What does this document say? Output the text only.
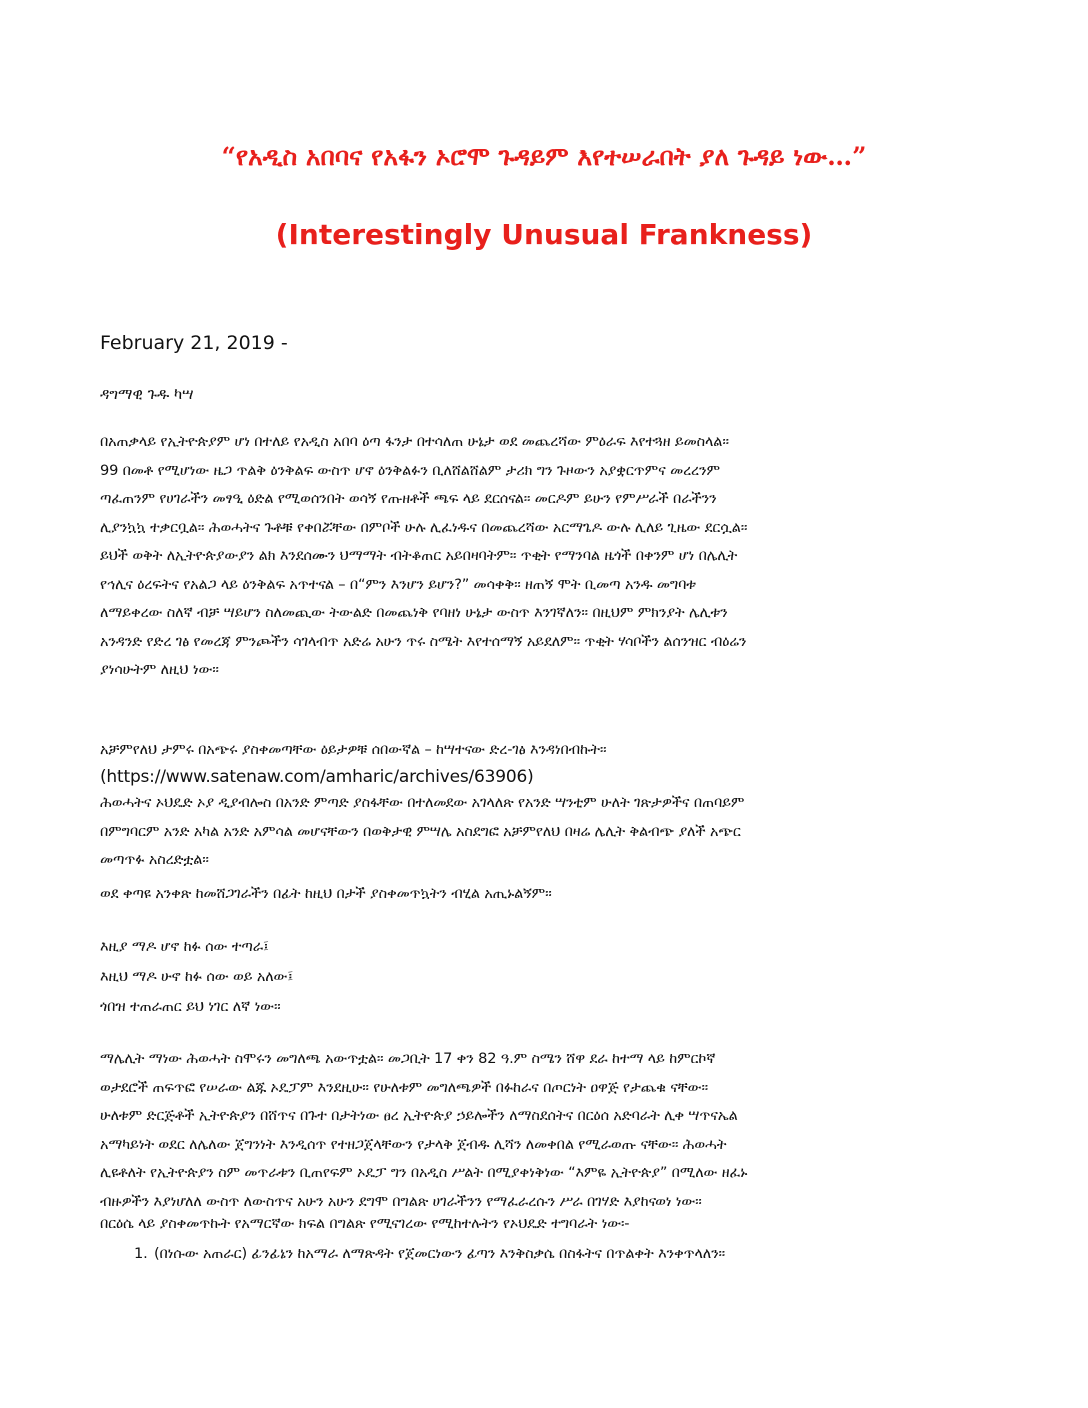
“የአዲስ አበባና የአፋን ኦሮሞ ጉዳይም እየተሠራበት ያለ ጉዳይ ነው…”
(Interestingly Unusual Frankness)
February 21, 2019 -
ዳግማዊ ጉዱ ካሣ
በአጠቃላይ የኢትዮጵያም ሆነ በተለይ የአዲስ አበባ ዕጣ ፋንታ በተሳለጠ ሁኔታ ወደ መጨረሻው ምዕራፍ እየተጓዘ ይመስላል፡፡
99 በመቶ የሚሆነው ዜጋ ጥልቅ ዕንቅልፍ ውስጥ ሆኖ ዕንቅልፉን ቢለሸልሸልም ታሪክ ግን ጉዞውን አያቋርጥምና መረረንም
ጣፈጠንም የሀገራችን መፃዒ ዕድል የሚወሰንበት ወሳኝ የጡዘቶች ጫፍ ላይ ደርሰናል፡፡ መርዶም ይሁን የምሥራች በራችንን
ሊያንኳኳ ተቃርቧል፡፡ ሕወሓትና ጉቶቹ የቀበሯቸው በምቦች ሁሉ ሊፈነዱና በመጨረሻው አርማጌዶ ውሉ ሊለይ ጊዜው ደርሷል፡፡
ይህች ወቅት ለኢትዮጵያውያን ልክ እንደሰሙን ህማማት ብትቆጠር አይበዛባትም፡፡ ጥቂት የማንባል ዜጎች በቀንም ሆነ በሌሊት
የኅሊና ዕረፍትና የአልጋ ላይ ዕንቅልፍ አጥተናል – በ“ምን እንሆን ይሆን?” መሳቀቅ፡፡ ዘጠኝ ሞት ቢመጣ አንዱ መግባቱ
ለማይቀረው ስለኛ ብቻ ሣይሆን ስለመጪው ትውልድ በመጨነቅ የባዘነ ሁኔታ ውስጥ እንገኛለን፡፡ በዚህም ምክንያት ሌሊቱን
አንዳንድ የድረ ገፅ የመረጃ ምንጮችን ሳገላብጥ አድሬ አሁን ጥሩ ስሜት እየተሰማኝ አይደለም፡፡ ጥቂት ሃሳቦችን ልሰንዝር ብዕሬን
ያነሳሁትም ለዚህ ነው፡፡
አቻምየለህ ታምሩ በአጭሩ ያስቀመጣቸው ዕይታዎቹ ሰበውኛል – ከሣተናው ድረ-ገፅ እንዳነበብኩት፡፡
(https://www.satenaw.com/amharic/archives/63906)
ሕወሓትና ኦህዴድ ኦያ ዲያብሎስ በአንድ ምጣድ ያስፋቸው በተለመደው አገላለጽ የአንድ ሣንቲም ሁለት ገጽታዎችና በጠባይም
በምግባርም አንድ አካል አንድ አምሳል መሆናቸውን በወቅታዊ ምሣሌ አስደግፎ አቻምየለህ በዛሬ ሌሊት ቅልብጭ ያለች አጭር
መጣጥፉ አስረድቷል፡፡
ወደ ቀጣዩ አንቀጽ ከመሸጋገራችን በፊት ከዚህ በታች ያስቀመጥኳትን ብሂል አጢኑልኝም፡፡
እዚያ ማዶ ሆኖ ከፉ ሰው ተጣራ፤
እዚህ ማዶ ሁኖ ከፉ ሰው ወይ አለው፤
ጎበዝ ተጠራጠር ይህ ነገር ለኛ ነው፡፡
ማሌሊት ማነው ሕወሓት ስሞሩን መግለጫ አውጥቷል፡፡ መጋቢት 17 ቀን 82 ዓ.ም ስሜን ሸዋ ደራ ከተማ ላይ ከምርኮኛ
ወታደሮች ጠፍጥፎ የሠራው ልጁ ኦዴፓም እንደዚሁ፡፡ የሁለቱም መግለጫዎች በፉከራና በጦርነት ዐዋጅ የታጨቁ ናቸው፡፡
ሁለቱም ድርጅቶች ኢትዮጵያን በሸጥና በጉተ በታትነው ፀረ ኢትዮጵያ ኃይሎችን ለማስደሰትና በርዕሰ አድባራት ሊቀ ሣጥናኤል
አማካይነት ወደር ለሌለው ጀግንነት እንዲሰጥ የተዘጋጀላቸውን የታላቅ ጀብዱ ሊሻን ለመቀበል የሚራወጡ ናቸው፡፡ ሕወሓት
ሊዩቶለት የኢትዮጵያን ስም መጥራቱን ቢጠየፍም ኦዴፓ ግን በአዲስ ሥልት በሚያቀነቅነው “እምዬ ኢትዮጵያ” በሚለው ዘፈኑ
ብዙዎችን እያነሆለለ ውስጥ ለውስጥና አሁን አሁን ደግሞ በግልጽ ሀገራችንን የማፈራረሱን ሥራ በገሃድ እያከናወነ ነው፡፡
በርዕሴ ላይ ያስቀመጥኩት የአማርኛው ክፍል በግልጽ የሚናገረው የሚከተሉትን የኦህዴድ ተግባራት ነው፡-
1. (በነሱው አጠራር) ፊንፊኔን ከአማራ ለማጽዳት የጀመርነውን ፊጣን እንቅስቃሴ በስፋትና በጥልቀት እንቀጥላለን፡፡
